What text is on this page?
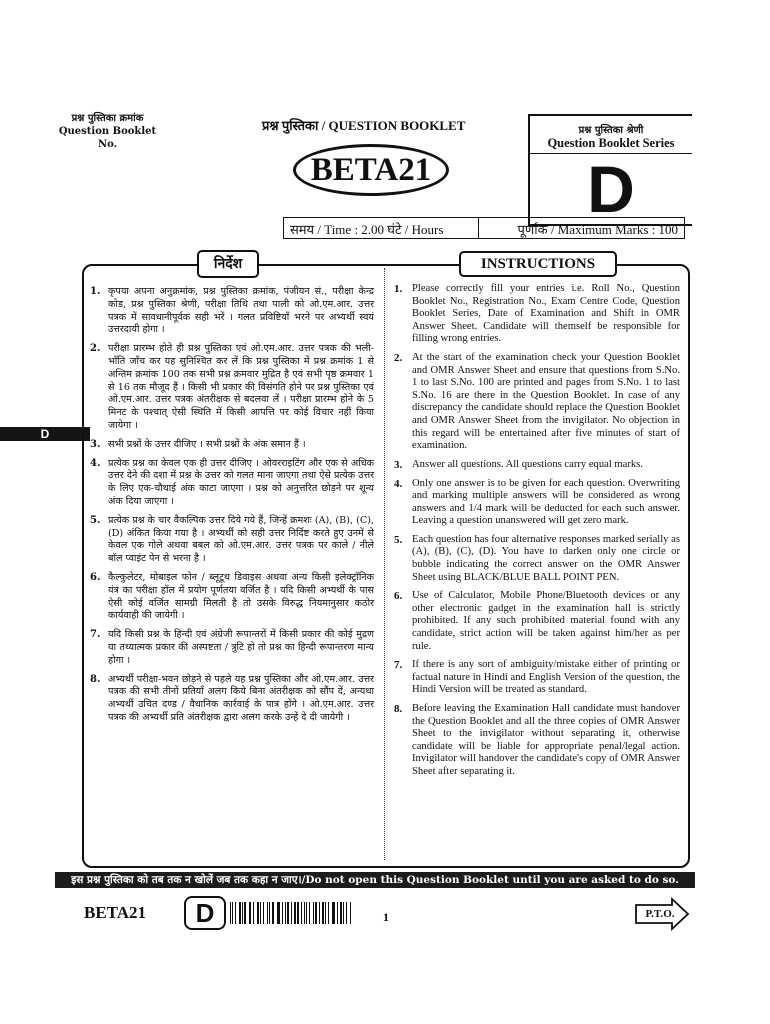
प्रश्न पुस्तिका क्रमांक
Question Booklet No.
प्रश्न पुस्तिका / QUESTION BOOKLET
BETA21
प्रश्न पुस्तिका श्रेणी
Question Booklet Series
D
समय / Time : 2.00 घंटे / Hours	पूर्णांक / Maximum Marks : 100
D
निर्देश	INSTRUCTIONS
1. कृपया अपना अनुक्रमांक, प्रश्न पुस्तिका क्रमांक, पंजीयन सं., परीक्षा केन्द्र कोड, प्रश्न पुस्तिका श्रेणी, परीक्षा तिथि तथा पाली को ओ.एम.आर. उत्तर पत्रक में सावधानीपूर्वक सही भरें । गलत प्रविष्टियाँ भरने पर अभ्यर्थी स्वयं उत्तरदायी होगा ।
2. परीक्षा प्रारम्भ होते ही प्रश्न पुस्तिका एवं ओ.एम.आर. उत्तर पत्रक की भली-भाँति जाँच कर यह सुनिश्चित कर लें कि प्रश्न पुस्तिका में प्रश्न क्रमांक 1 से अन्तिम क्रमांक 100 तक सभी प्रश्न क्रमवार मुद्रित है एवं सभी पृष्ठ क्रमवार 1 से 16 तक मौजूद हैं । किसी भी प्रकार की विसंगति होने पर प्रश्न पुस्तिका एवं ओ.एम.आर. उत्तर पत्रक अंतरीक्षक से बदलवा लें । परीक्षा प्रारम्भ होने के 5 मिनट के पश्चात् ऐसी स्थिति में किसी आपत्ति पर कोई विचार नहीं किया जायेगा ।
3. सभी प्रश्नों के उत्तर दीजिए । सभी प्रश्नों के अंक समान हैं ।
4. प्रत्येक प्रश्न का केवल एक ही उत्तर दीजिए । ओवरराइटिंग और एक से अधिक उत्तर देने की दशा में प्रश्न के उत्तर को गलत माना जाएगा तथा ऐसे प्रत्येक उत्तर के लिए एक-चौथाई अंक काटा जाएगा । प्रश्न को अनुत्तरित छोड़ने पर शून्य अंक दिया जाएगा ।
5. प्रत्येक प्रश्न के चार वैकल्पिक उत्तर दिये गये हैं, जिन्हें क्रमशः (A), (B), (C), (D) अंकित किया गया है । अभ्यर्थी को सही उत्तर निर्दिष्ट करते हुए उनमें से केवल एक गोले अथवा बबल को ओ.एम.आर. उत्तर पत्रक पर काले / नीले बाॅल प्वाइंट पेन से भरना है ।
6. कैल्कुलेटर, मोबाइल फोन / ब्लूटूथ डिवाइस अथवा अन्य किसी इलेक्ट्रॉनिक यंत्र का परीक्षा हॉल में प्रयोग पूर्णतया वर्जित है । यदि किसी अभ्यर्थी के पास ऐसी कोई वर्जित सामग्री मिलती है तो उसके विरुद्ध नियमानुसार कठोर कार्यवाही की जायेगी ।
7. यदि किसी प्रश्न के हिन्दी एवं अंग्रेजी रूपान्तरों में किसी प्रकार की कोई मुद्रण या तथ्यात्मक प्रकार की अस्पष्टता / त्रुटि हो तो प्रश्न का हिन्दी रूपान्तरण मान्य होगा ।
8. अभ्यर्थी परीक्षा-भवन छोड़ने से पहले यह प्रश्न पुस्तिका और ओ.एम.आर. उत्तर पत्रक की सभी तीनों प्रतियाँ अलग किये बिना अंतरीक्षक को सौंप दें, अन्यथा अभ्यर्थी उचित दण्ड / वैधानिक कार्रवाई के पात्र होंगे । ओ.एम.आर. उत्तर पत्रक की अभ्यर्थी प्रति अंतरीक्षक द्वारा अलग करके उन्हें दे दी जायेगी ।
1. Please correctly fill your entries i.e. Roll No., Question Booklet No., Registration No., Exam Centre Code, Question Booklet Series, Date of Examination and Shift in OMR Answer Sheet. Candidate will themself be responsible for filling wrong entries.
2. At the start of the examination check your Question Booklet and OMR Answer Sheet and ensure that questions from S.No. 1 to last S.No. 100 are printed and pages from S.No. 1 to last S.No. 16 are there in the Question Booklet. In case of any discrepancy the candidate should replace the Question Booklet and OMR Answer Sheet from the invigilator. No objection in this regard will be entertained after five minutes of start of examination.
3. Answer all questions. All questions carry equal marks.
4. Only one answer is to be given for each question. Overwriting and marking multiple answers will be considered as wrong answers and 1/4 mark will be deducted for each such answer. Leaving a question unanswered will get zero mark.
5. Each question has four alternative responses marked serially as (A), (B), (C), (D). You have to darken only one circle or bubble indicating the correct answer on the OMR Answer Sheet using BLACK/BLUE BALL POINT PEN.
6. Use of Calculator, Mobile Phone/Bluetooth devices or any other electronic gadget in the examination hall is strictly prohibited. If any such prohibited material found with any candidate, strict action will be taken against him/her as per rule.
7. If there is any sort of ambiguity/mistake either of printing or factual nature in Hindi and English Version of the question, the Hindi Version will be treated as standard.
8. Before leaving the Examination Hall candidate must handover the Question Booklet and all the three copies of OMR Answer Sheet to the invigilator without separating it, otherwise candidate will be liable for appropriate penal/legal action. Invigilator will handover the candidate's copy of OMR Answer Sheet after separating it.
इस प्रश्न पुस्तिका को तब तक न खोलें जब तक कहा न जाए।/Do not open this Question Booklet until you are asked to do so.
BETA21	D	1	P.T.O.
